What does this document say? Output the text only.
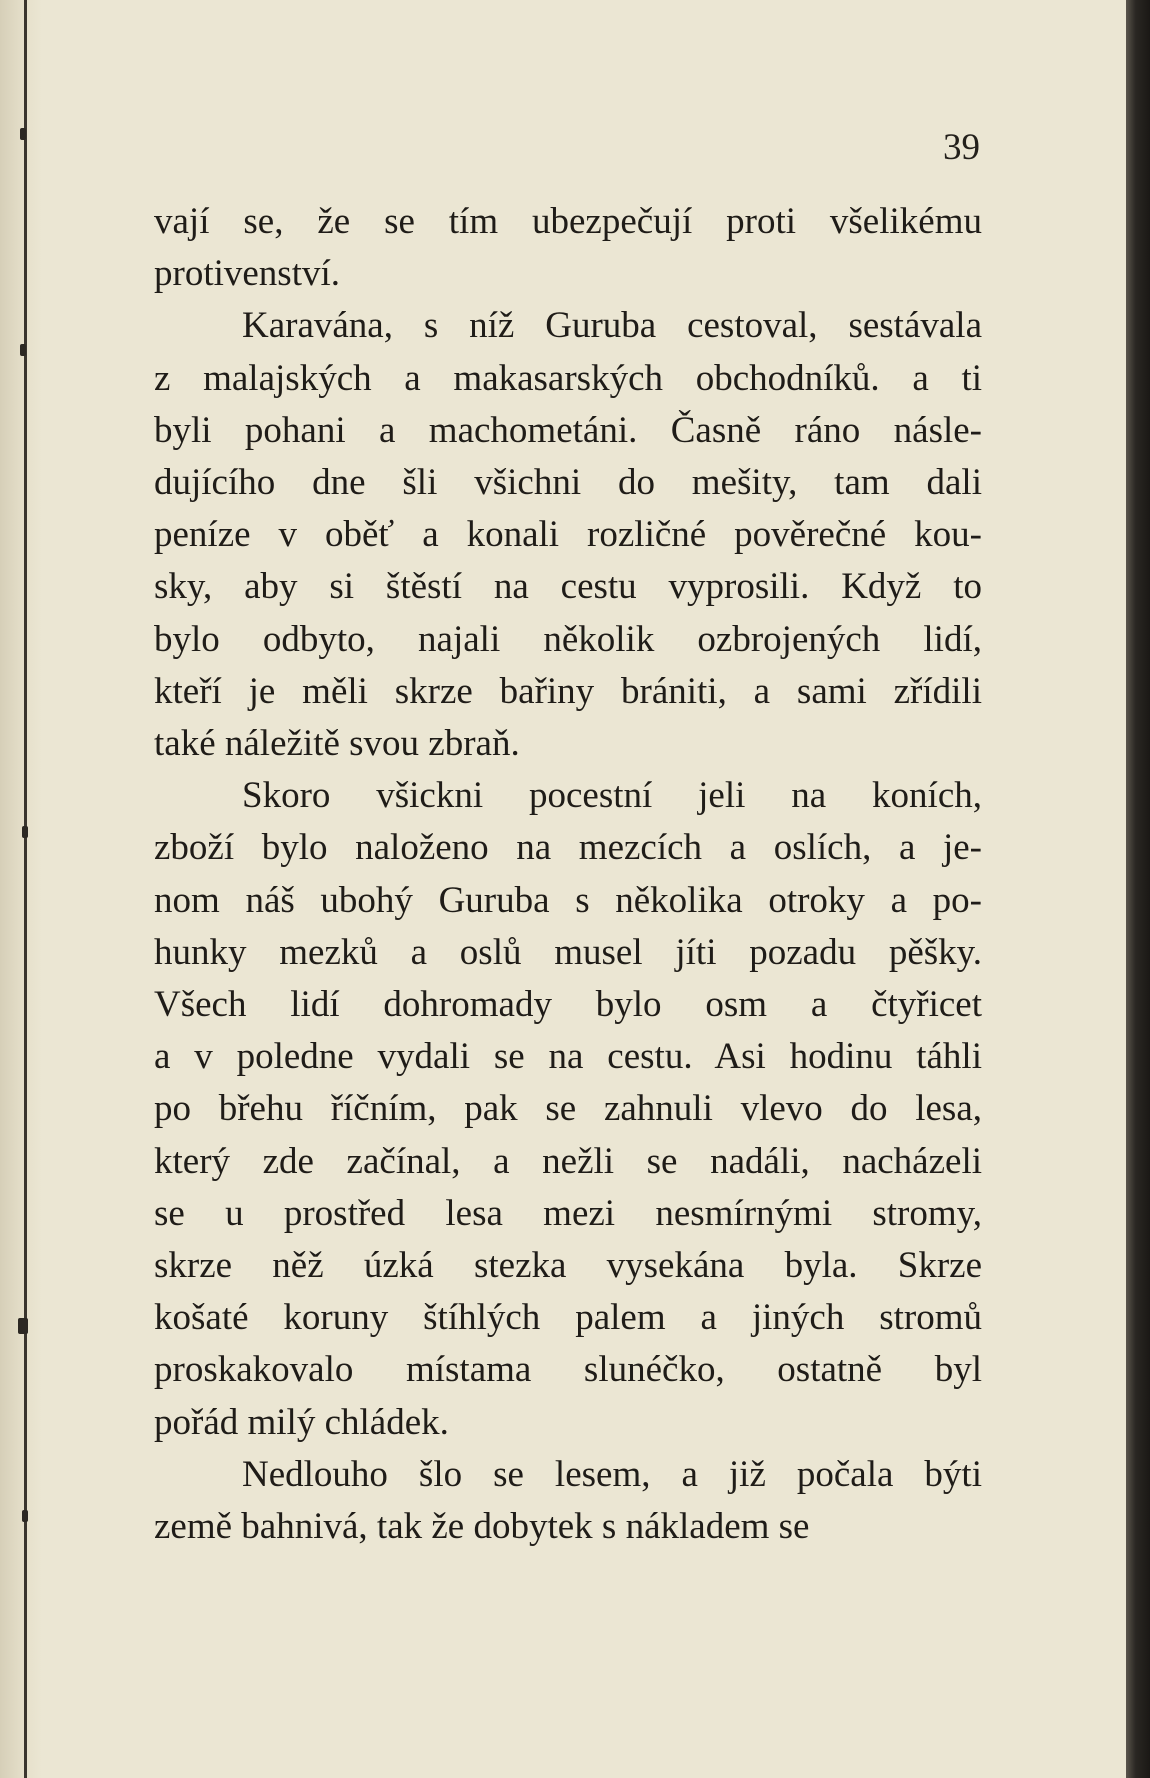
39
vají se, že se tím ubezpečují proti všelikému
protivenství.
Karavána, s níž Guruba cestoval, sestávala
z malajských a makasarských obchodníků. a ti
byli pohani a machometáni. Časně ráno násle-
dujícího dne šli všichni do mešity, tam dali
peníze v oběť a konali rozličné pověrečné kou-
sky, aby si štěstí na cestu vyprosili. Když to
bylo odbyto, najali několik ozbrojených lidí,
kteří je měli skrze bařiny brániti, a sami zřídili
také náležitě svou zbraň.
Skoro všickni pocestní jeli na koních,
zboží bylo naloženo na mezcích a oslích, a je-
nom náš ubohý Guruba s několika otroky a po-
hunky mezků a oslů musel jíti pozadu pěšky.
Všech lidí dohromady bylo osm a čtyřicet
a v poledne vydali se na cestu. Asi hodinu táhli
po břehu říčním, pak se zahnuli vlevo do lesa,
který zde začínal, a nežli se nadáli, nacházeli
se u prostřed lesa mezi nesmírnými stromy,
skrze něž úzká stezka vysekána byla. Skrze
košaté koruny štíhlých palem a jiných stromů
proskakovalo místama slunéčko, ostatně byl
pořád milý chládek.
Nedlouho šlo se lesem, a již počala býti
země bahnivá, tak že dobytek s nákladem se
